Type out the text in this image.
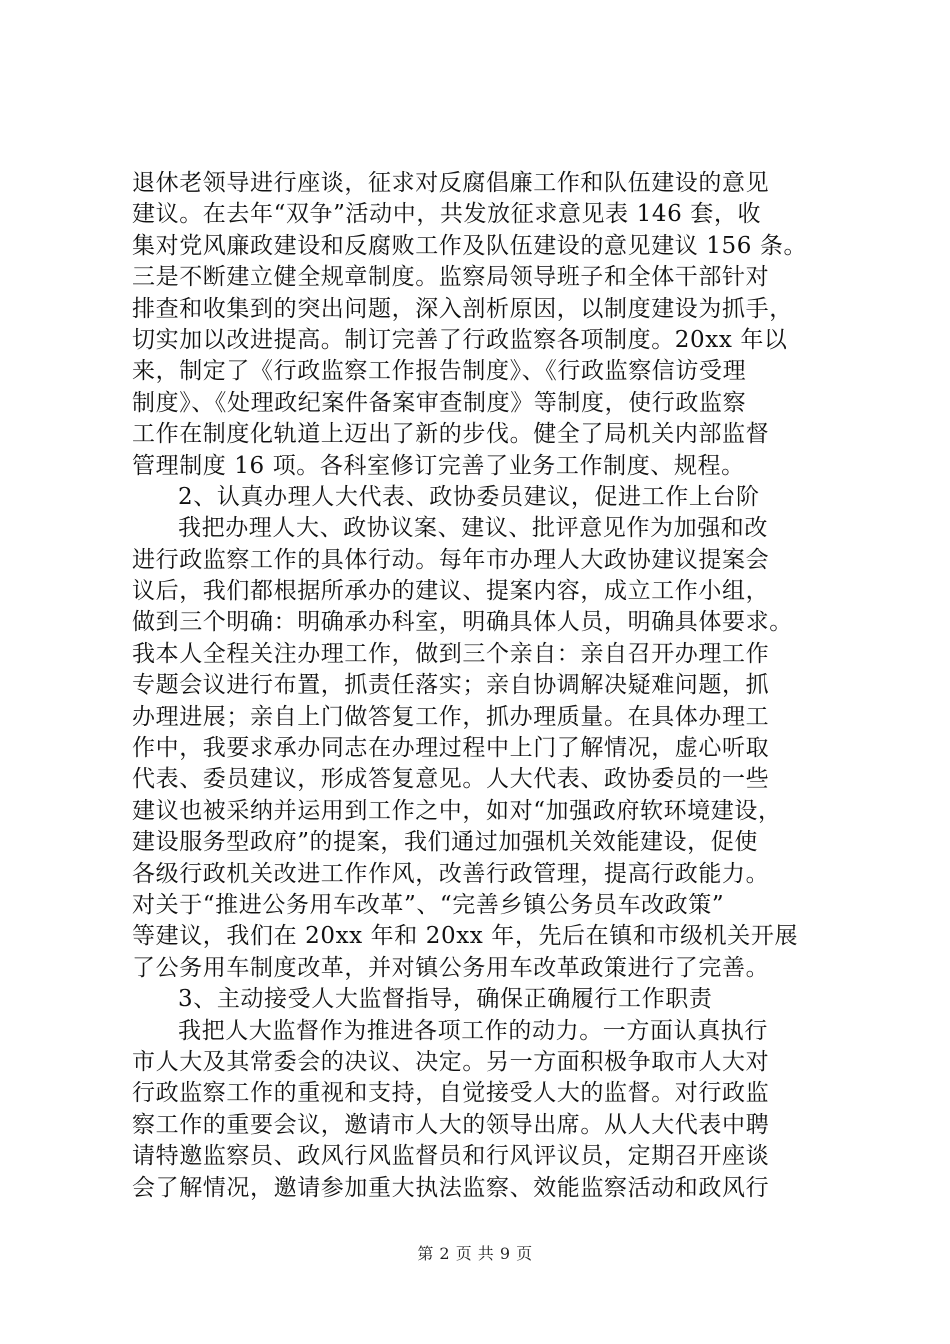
退休老领导进行座谈，征求对反腐倡廉工作和队伍建设的意见
建议。在去年“双争”活动中，共发放征求意见表 146 套，收
集对党风廉政建设和反腐败工作及队伍建设的意见建议 156 条。
三是不断建立健全规章制度。监察局领导班子和全体干部针对
排查和收集到的突出问题，深入剖析原因，以制度建设为抓手，
切实加以改进提高。制订完善了行政监察各项制度。20xx 年以
来，制定了《行政监察工作报告制度》、《行政监察信访受理
制度》、《处理政纪案件备案审查制度》等制度，使行政监察
工作在制度化轨道上迈出了新的步伐。健全了局机关内部监督
管理制度 16 项。各科室修订完善了业务工作制度、规程。
2、认真办理人大代表、政协委员建议，促进工作上台阶
我把办理人大、政协议案、建议、批评意见作为加强和改
进行政监察工作的具体行动。每年市办理人大政协建议提案会
议后，我们都根据所承办的建议、提案内容，成立工作小组，
做到三个明确：明确承办科室，明确具体人员，明确具体要求。
我本人全程关注办理工作，做到三个亲自：亲自召开办理工作
专题会议进行布置，抓责任落实；亲自协调解决疑难问题，抓
办理进展；亲自上门做答复工作，抓办理质量。在具体办理工
作中，我要求承办同志在办理过程中上门了解情况，虚心听取
代表、委员建议，形成答复意见。人大代表、政协委员的一些
建议也被采纳并运用到工作之中，如对“加强政府软环境建设，
建设服务型政府”的提案，我们通过加强机关效能建设，促使
各级行政机关改进工作作风，改善行政管理，提高行政能力。
对关于“推进公务用车改革”、“完善乡镇公务员车改政策”
等建议，我们在 20xx 年和 20xx 年，先后在镇和市级机关开展
了公务用车制度改革，并对镇公务用车改革政策进行了完善。
3、主动接受人大监督指导，确保正确履行工作职责
我把人大监督作为推进各项工作的动力。一方面认真执行
市人大及其常委会的决议、决定。另一方面积极争取市人大对
行政监察工作的重视和支持，自觉接受人大的监督。对行政监
察工作的重要会议，邀请市人大的领导出席。从人大代表中聘
请特邀监察员、政风行风监督员和行风评议员，定期召开座谈
会了解情况，邀请参加重大执法监察、效能监察活动和政风行
第 2 页 共 9 页
